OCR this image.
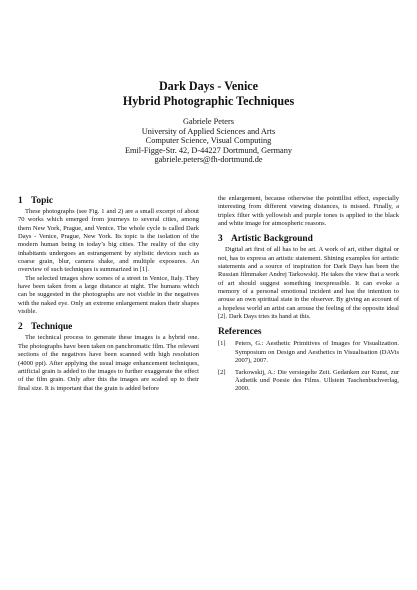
Dark Days - Venice
Hybrid Photographic Techniques
Gabriele Peters
University of Applied Sciences and Arts
Computer Science, Visual Computing
Emil-Figge-Str. 42, D-44227 Dortmund, Germany
gabriele.peters@fh-dortmund.de
1 Topic

These photographs (see Fig. 1 and 2) are a small excerpt of about 70 works which emerged from journeys to several cities, among them New York, Prague, and Venice. The whole cycle is called Dark Days - Venice, Prague, New York. Its topic is the isolation of the modern human being in today’s big cities. The reality of the city inhabitants undergoes an estrangement by stylistic devices such as coarse grain, blur, camera shake, and multiple exposures. An overview of such techniques is summarized in [1].

The selected images show scenes of a street in Venice, Italy. They have been taken from a large distance at night. The humans which can be suggested in the photographs are not visible in the negatives with the naked eye. Only an extreme enlargement makes their shapes visible.

2 Technique

The technical process to generate these images is a hybrid one. The photographs have been taken on panchromatic film. The relevant sections of the negatives have been scanned with high resolution (4000 ppi). After applying the usual image enhancement techniques, artificial grain is added to the images to further exaggerate the effect of the film grain. Only after this the images are scaled up to their final size. It is important that the grain is added before

the enlargement, because otherwise the pointillist effect, especially interesting from different viewing distances, is missed. Finally, a triplex filter with yellowish and purple tones is applied to the black and white image for atmospheric reasons.

3 Artistic Background

Digital art first of all has to be art. A work of art, either digital or not, has to express an artistic statement. Shining examples for artistic statements and a source of inspiration for Dark Days has been the Russian filmmaker Andrej Tarkowskij. He takes the view that a work of art should suggest something inexpressible. It can evoke a memory of a personal emotional incident and has the intention to arouse an own spiritual state in the observer. By giving an account of a hopeless world an artist can arouse the feeling of the opposite ideal [2]. Dark Days tries its hand at this.

References
[1] Peters, G.: Aesthetic Primitives of Images for Visualization. Symposium on Design and Aesthetics in Visualisation (DAVis 2007), 2007.
[2] Tarkowskij, A.: Die versiegelte Zeit. Gedanken zur Kunst, zur Ästhetik und Poesie des Films. Ullstein Taschenbuchverlag, 2000.
